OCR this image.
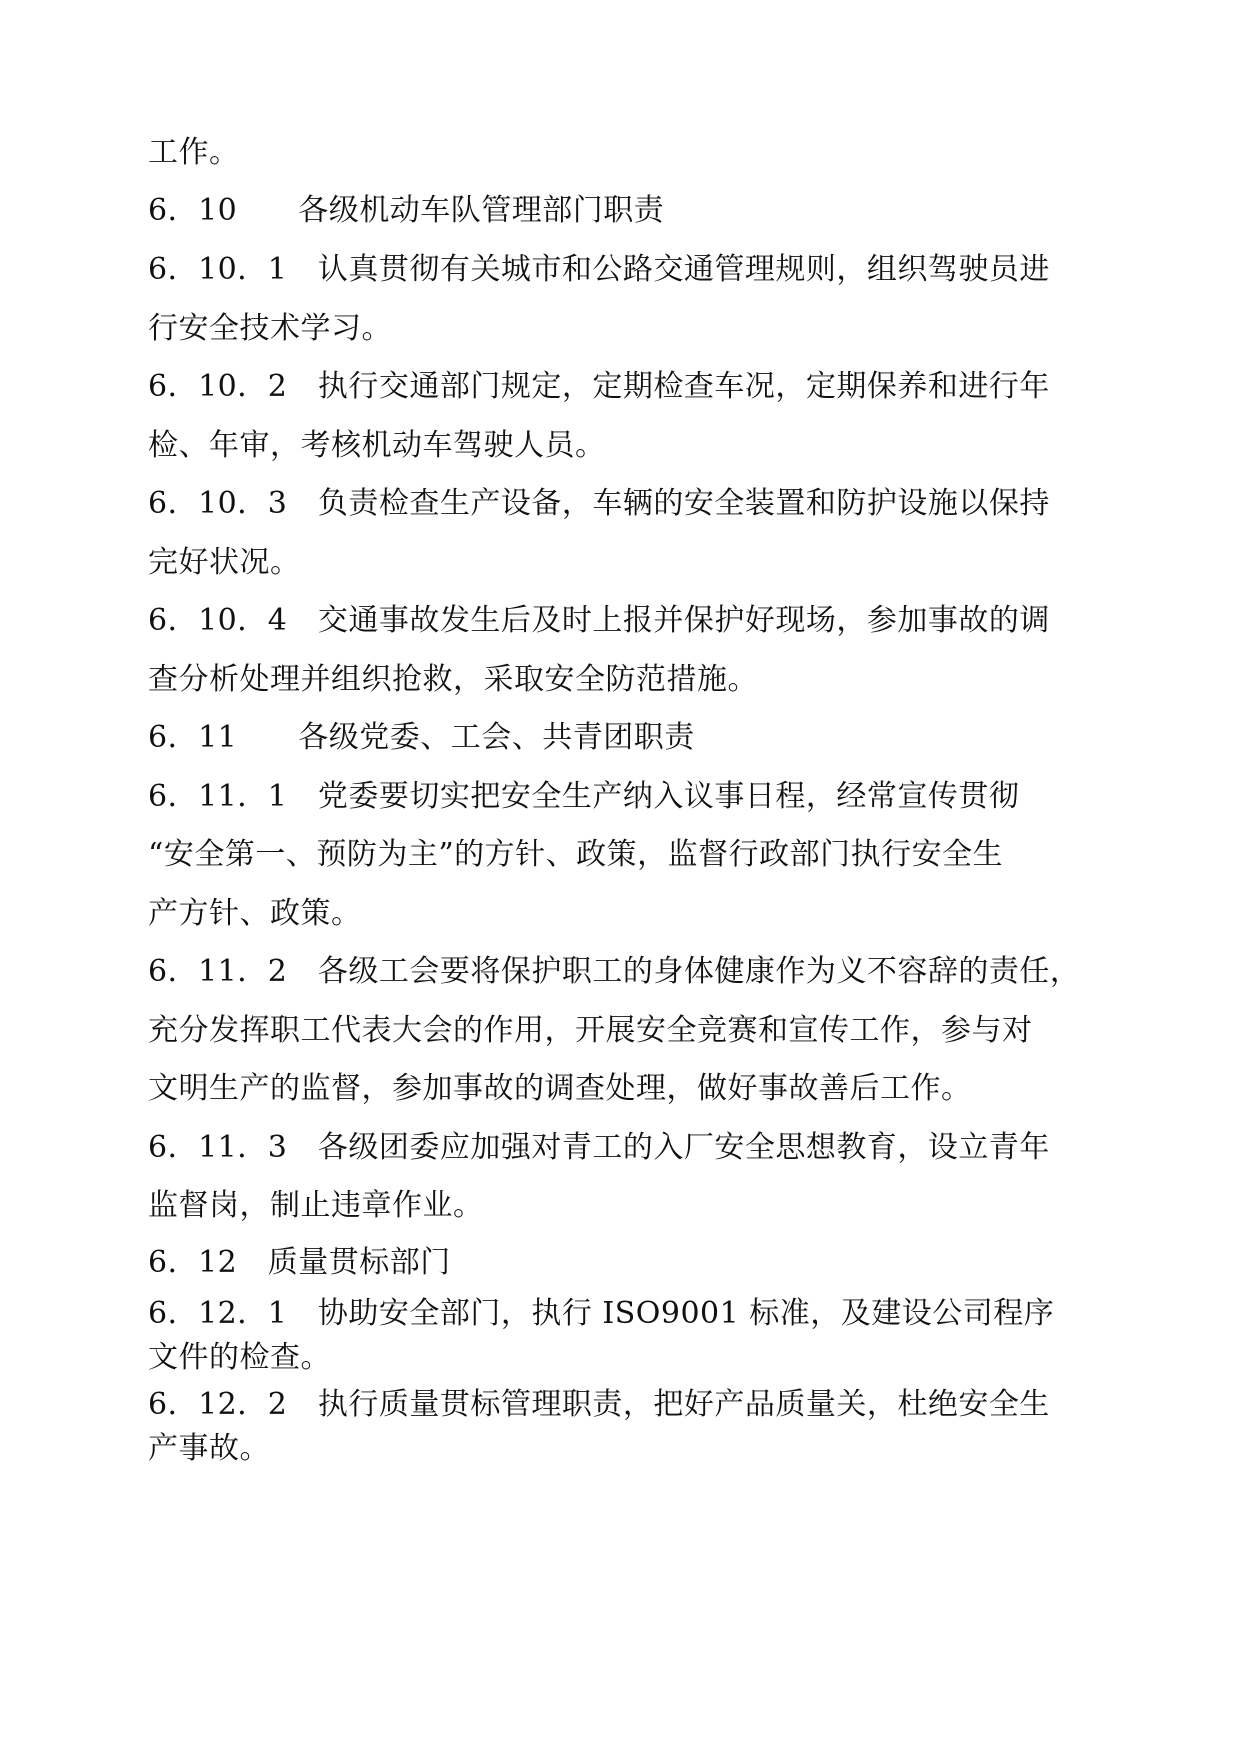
工作。
6．10　　各级机动车队管理部门职责
6．10．1　认真贯彻有关城市和公路交通管理规则，组织驾驶员进
行安全技术学习。
6．10．2　执行交通部门规定，定期检查车况，定期保养和进行年
检、年审，考核机动车驾驶人员。
6．10．3　负责检查生产设备，车辆的安全装置和防护设施以保持
完好状况。
6．10．4　交通事故发生后及时上报并保护好现场，参加事故的调
查分析处理并组织抢救，采取安全防范措施。
6．11　　各级党委、工会、共青团职责
6．11．1　党委要切实把安全生产纳入议事日程，经常宣传贯彻
“安全第一、预防为主”的方针、政策，监督行政部门执行安全生
产方针、政策。
6．11．2　各级工会要将保护职工的身体健康作为义不容辞的责任，
充分发挥职工代表大会的作用，开展安全竞赛和宣传工作，参与对
文明生产的监督，参加事故的调查处理，做好事故善后工作。
6．11．3　各级团委应加强对青工的入厂安全思想教育，设立青年
监督岗，制止违章作业。
6．12　质量贯标部门
6．12．1　协助安全部门，执行 ISO9001 标准，及建设公司程序
文件的检查。
6．12．2　执行质量贯标管理职责，把好产品质量关，杜绝安全生
产事故。
